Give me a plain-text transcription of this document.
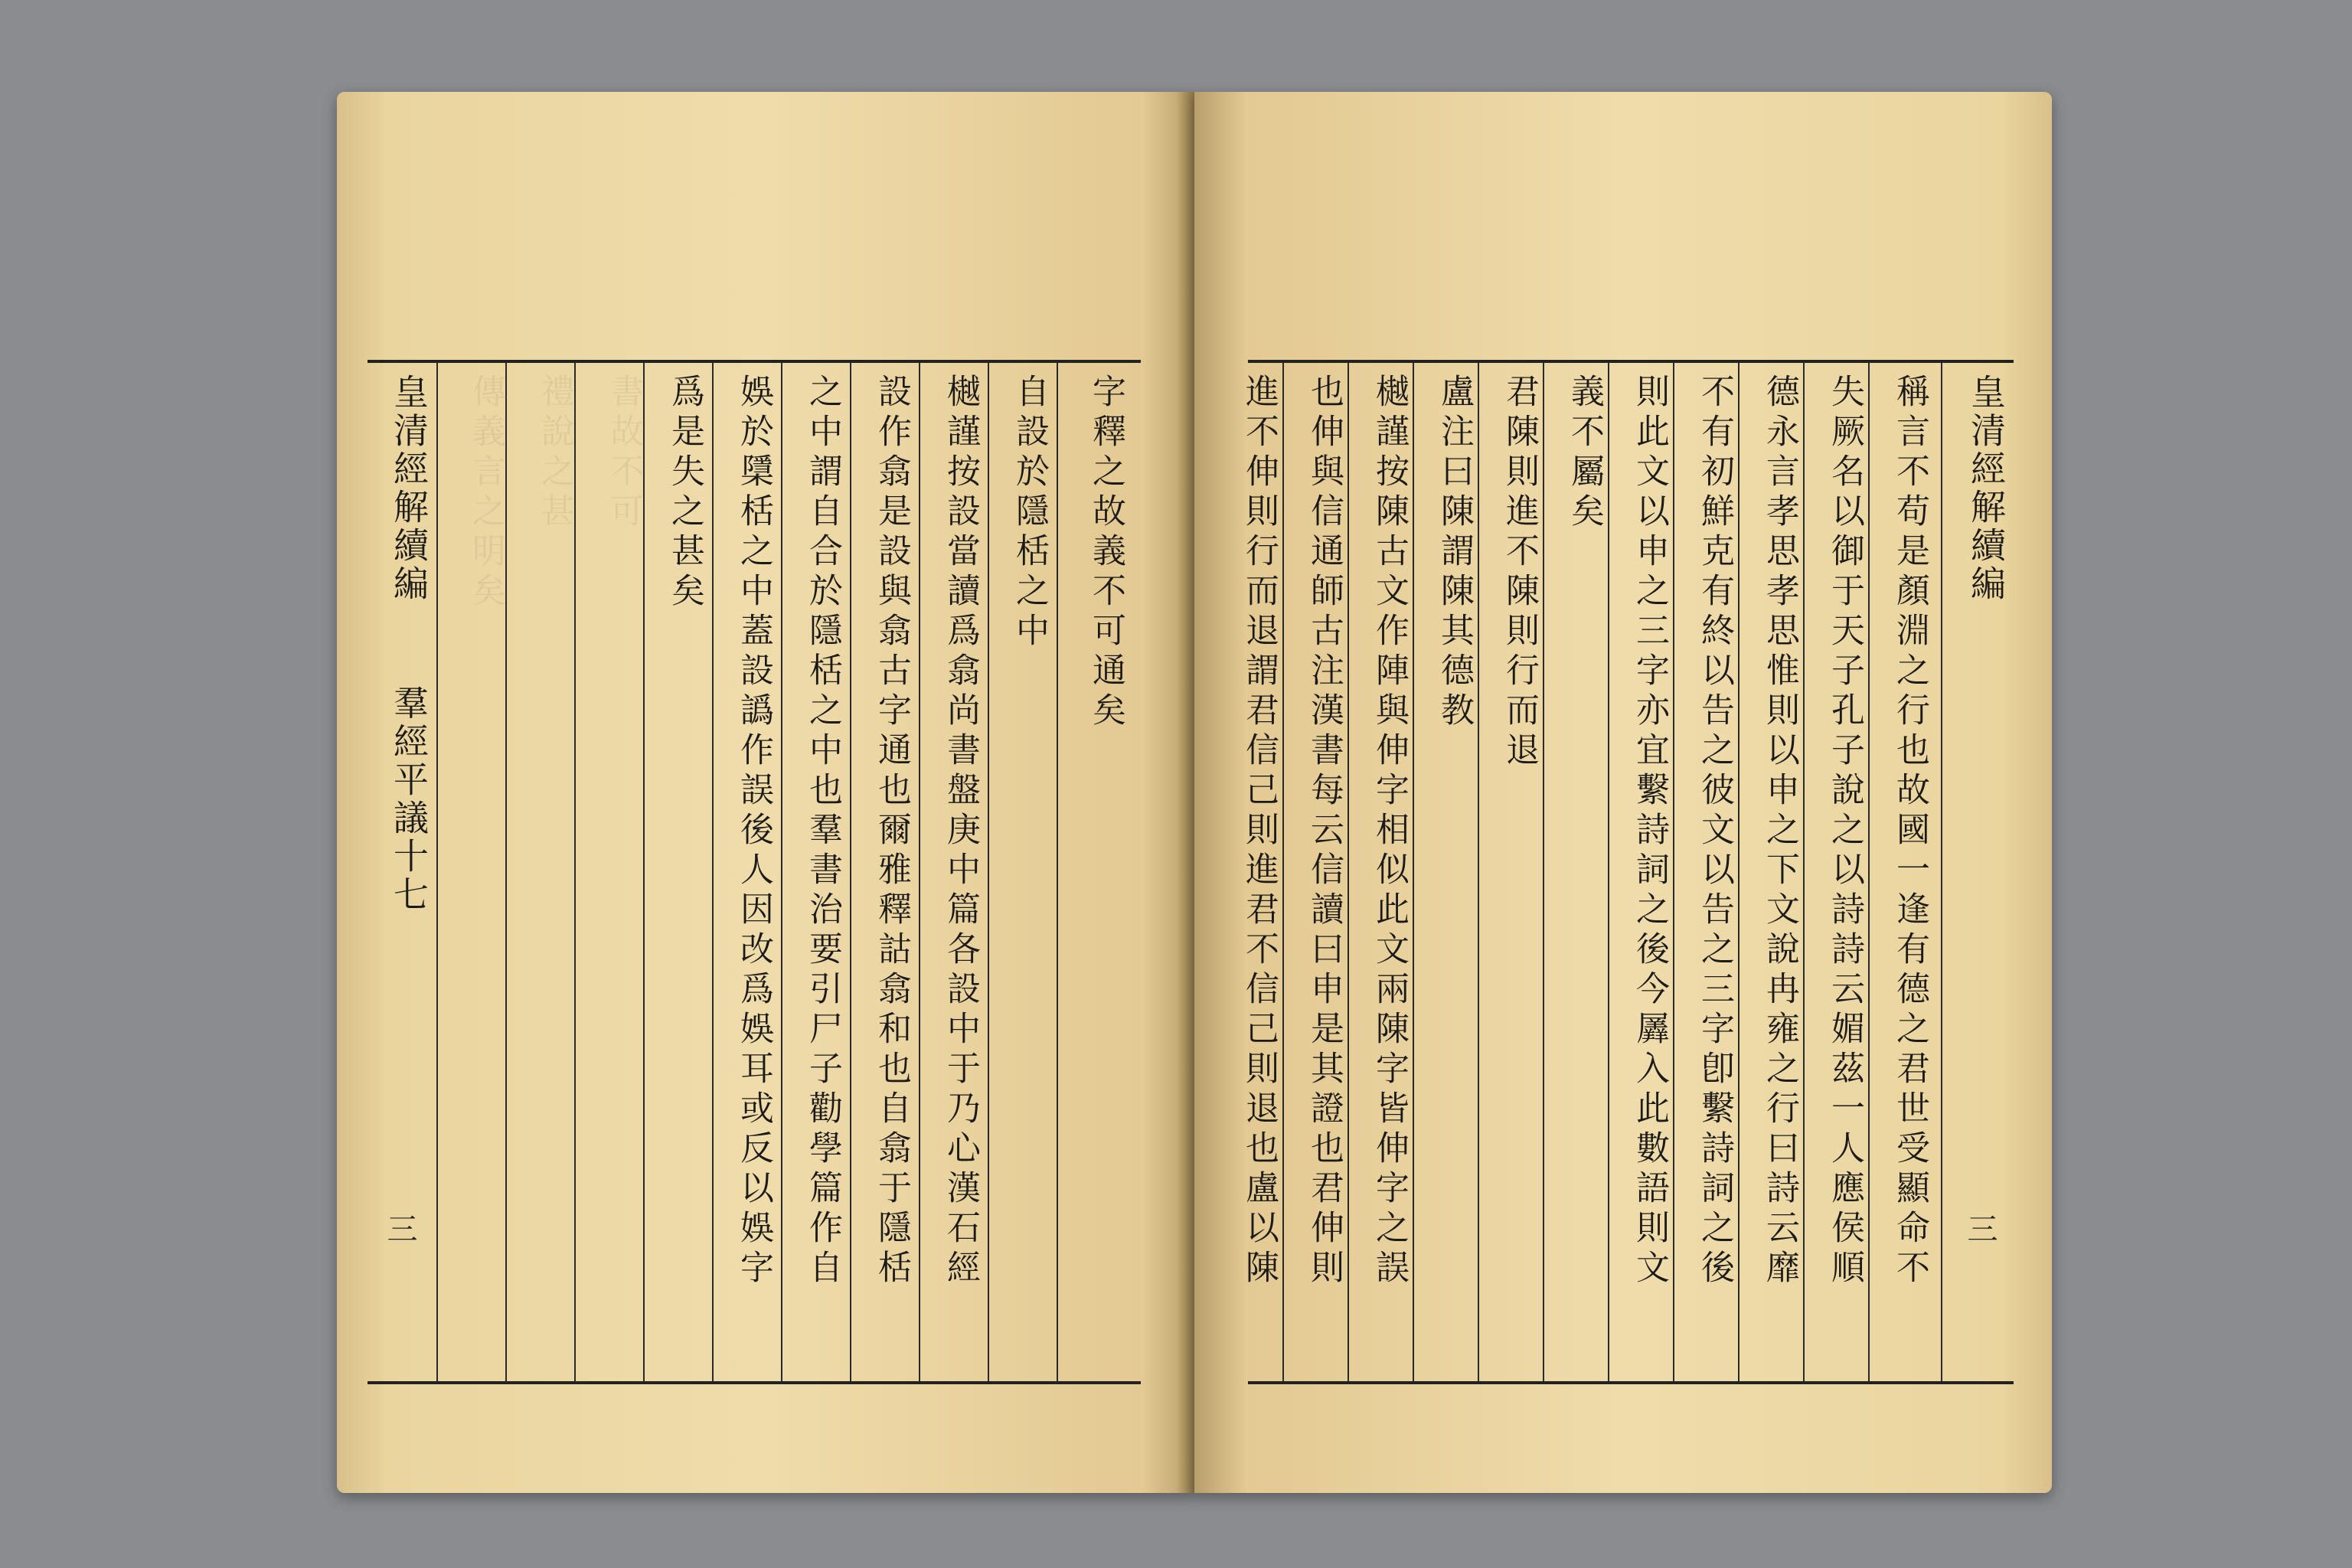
皇清經解續編
羣經平議十七
三
傳義言之明矣 禮說之甚 書故不可	字釋之故義不可通矣
自設於隱栝之中
樾謹按設當讀爲翕尚書盤庚中篇各設中于乃心漢石經
設作翕是設與翕古字通也爾雅釋詁翕和也自翕于隱栝
之中謂自合於隱栝之中也羣書治要引尸子勸學篇作自
娛於檃栝之中蓋設譌作誤後人因改爲娛耳或反以娛字
爲是失之甚矣	皇清經解續編
三
稱言不苟是顏淵之行也故國一逢有德之君世受顯命不
失厥名以御于天子孔子說之以詩詩云媚茲一人應侯順
德永言孝思孝思惟則以申之下文說冉雍之行曰詩云靡
不有初鮮克有終以告之彼文以告之三字卽繫詩詞之後
則此文以申之三字亦宜繫詩詞之後今羼入此數語則文
義不屬矣
君陳則進不陳則行而退
盧注曰陳謂陳其德教
樾謹按陳古文作陣與伸字相似此文兩陳字皆伸字之誤
也伸與信通師古注漢書每云信讀曰申是其證也君伸則
進不伸則行而退謂君信己則進君不信己則退也盧以陳
